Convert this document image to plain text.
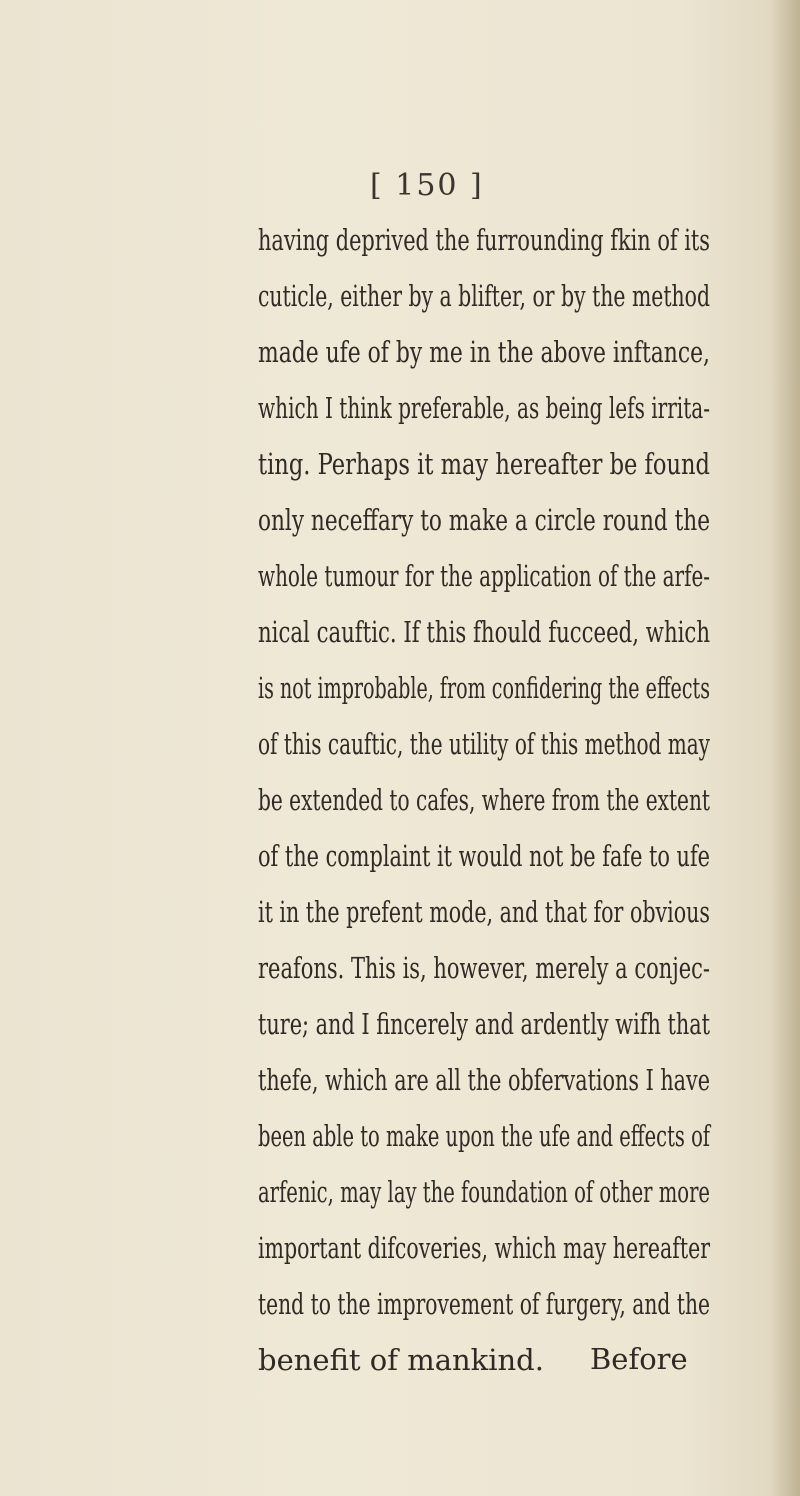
[ 150 ]
having deprived the furrounding fkin of its
cuticle, either by a blifter, or by the method
made ufe of by me in the above inftance,
which I think preferable, as being lefs irrita-
ting. Perhaps it may hereafter be found
only neceffary to make a circle round the
whole tumour for the application of the arfe-
nical cauftic. If this fhould fucceed, which
is not improbable, from confidering the effects
of this cauftic, the utility of this method may
be extended to cafes, where from the extent
of the complaint it would not be fafe to ufe
it in the prefent mode, and that for obvious
reafons. This is, however, merely a conjec-
ture; and I fincerely and ardently wifh that
thefe, which are all the obfervations I have
been able to make upon the ufe and effects of
arfenic, may lay the foundation of other more
important difcoveries, which may hereafter
tend to the improvement of furgery, and the
benefit of mankind. Before
